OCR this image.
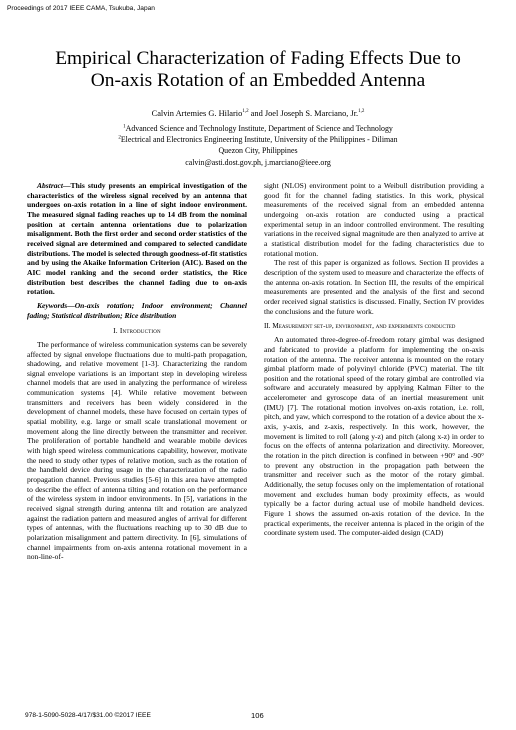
Proceedings of 2017 IEEE CAMA, Tsukuba, Japan
Empirical Characterization of Fading Effects Due to
On-axis Rotation of an Embedded Antenna
Calvin Artemies G. Hilario$^{1,2}$ and Joel Joseph S. Marciano, Jr.$^{1,2}$
$^1$Advanced Science and Technology Institute, Department of Science and Technology
$^2$Electrical and Electronics Engineering Institute, University of the Philippines - Diliman
Quezon City, Philippines
calvin@asti.dost.gov.ph, j.marciano@ieee.org

Abstract—This study presents an empirical investigation of the characteristics of the wireless signal received by an antenna that undergoes on-axis rotation in a line of sight indoor environment. The measured signal fading reaches up to 14 dB from the nominal position at certain antenna orientations due to polarization misalignment. Both the first order and second order statistics of the received signal are determined and compared to selected candidate distributions. The model is selected through goodness-of-fit statistics and by using the Akaike Information Criterion (AIC). Based on the AIC model ranking and the second order statistics, the Rice distribution best describes the channel fading due to on-axis rotation.

Keywords—On-axis rotation; Indoor environment; Channel fading; Statistical distribution; Rice distribution

I. Introduction

The performance of wireless communication systems can be severely affected by signal envelope fluctuations due to multi-path propagation, shadowing, and relative movement [1-3]. Characterizing the random signal envelope variations is an important step in developing wireless channel models that are used in analyzing the performance of wireless communication systems [4]. While relative movement between transmitters and receivers has been widely considered in the development of channel models, these have focused on certain types of spatial mobility, e.g. large or small scale translational movement or movement along the line directly between the transmitter and receiver. The proliferation of portable handheld and wearable mobile devices with high speed wireless communications capability, however, motivate the need to study other types of relative motion, such as the rotation of the handheld device during usage in the characterization of the radio propagation channel. Previous studies [5-6] in this area have attempted to describe the effect of antenna tilting and rotation on the performance of the wireless system in indoor environments. In [5], variations in the received signal strength during antenna tilt and rotation are analyzed against the radiation pattern and measured angles of arrival for different types of antennas, with the fluctuations reaching up to 30 dB due to polarization misalignment and pattern directivity. In [6], simulations of channel impairments from on-axis antenna rotational movement in a non-line-of-

sight (NLOS) environment point to a Weibull distribution providing a good fit for the channel fading statistics. In this work, physical measurements of the received signal from an embedded antenna undergoing on-axis rotation are conducted using a practical experimental setup in an indoor controlled environment. The resulting variations in the received signal magnitude are then analyzed to arrive at a statistical distribution model for the fading characteristics due to rotational motion.

The rest of this paper is organized as follows. Section II provides a description of the system used to measure and characterize the effects of the antenna on-axis rotation. In Section III, the results of the empirical measurements are presented and the analysis of the first and second order received signal statistics is discussed. Finally, Section IV provides the conclusions and the future work.

II. Measurement set-up, environment, and experiments conducted

An automated three-degree-of-freedom rotary gimbal was designed and fabricated to provide a platform for implementing the on-axis rotation of the antenna. The receiver antenna is mounted on the rotary gimbal platform made of polyvinyl chloride (PVC) material. The tilt position and the rotational speed of the rotary gimbal are controlled via software and accurately measured by applying Kalman Filter to the accelerometer and gyroscope data of an inertial measurement unit (IMU) [7]. The rotational motion involves on-axis rotation, i.e. roll, pitch, and yaw, which correspond to the rotation of a device about the x-axis, y-axis, and z-axis, respectively. In this work, however, the movement is limited to roll (along y-z) and pitch (along x-z) in order to focus on the effects of antenna polarization and directivity. Moreover, the rotation in the pitch direction is confined in between +90° and -90° to prevent any obstruction in the propagation path between the transmitter and receiver such as the motor of the rotary gimbal. Additionally, the setup focuses only on the implementation of rotational movement and excludes human body proximity effects, as would typically be a factor during actual use of mobile handheld devices. Figure 1 shows the assumed on-axis rotation of the device. In the practical experiments, the receiver antenna is placed in the origin of the coordinate system used. The computer-aided design (CAD)

978-1-5090-5028-4/17/$31.00 ©2017 IEEE	106
